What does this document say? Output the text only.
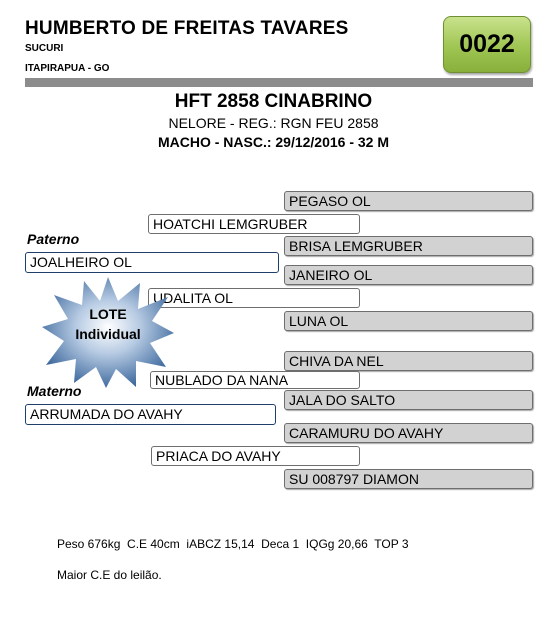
HUMBERTO DE FREITAS TAVARES
SUCURI
ITAPIRAPUA - GO
0022
HFT 2858 CINABRINO
NELORE - REG.: RGN FEU 2858
MACHO - NASC.: 29/12/2016 - 32 M
PEGASO OL
BRISA LEMGRUBER
JANEIRO OL
LUNA OL
CHIVA DA NEL
JALA DO SALTO
CARAMURU DO AVAHY
SU 008797 DIAMON
HOATCHI LEMGRUBER
UDALITA OL
NUBLADO DA NANA
PRIACA DO AVAHY
JOALHEIRO OL
ARRUMADA DO AVAHY
Paterno
LOTE
Individual
Materno
Peso 676kg  C.E 40cm  iABCZ 15,14  Deca 1  IQGg 20,66  TOP 3
Maior C.E do leilão.
